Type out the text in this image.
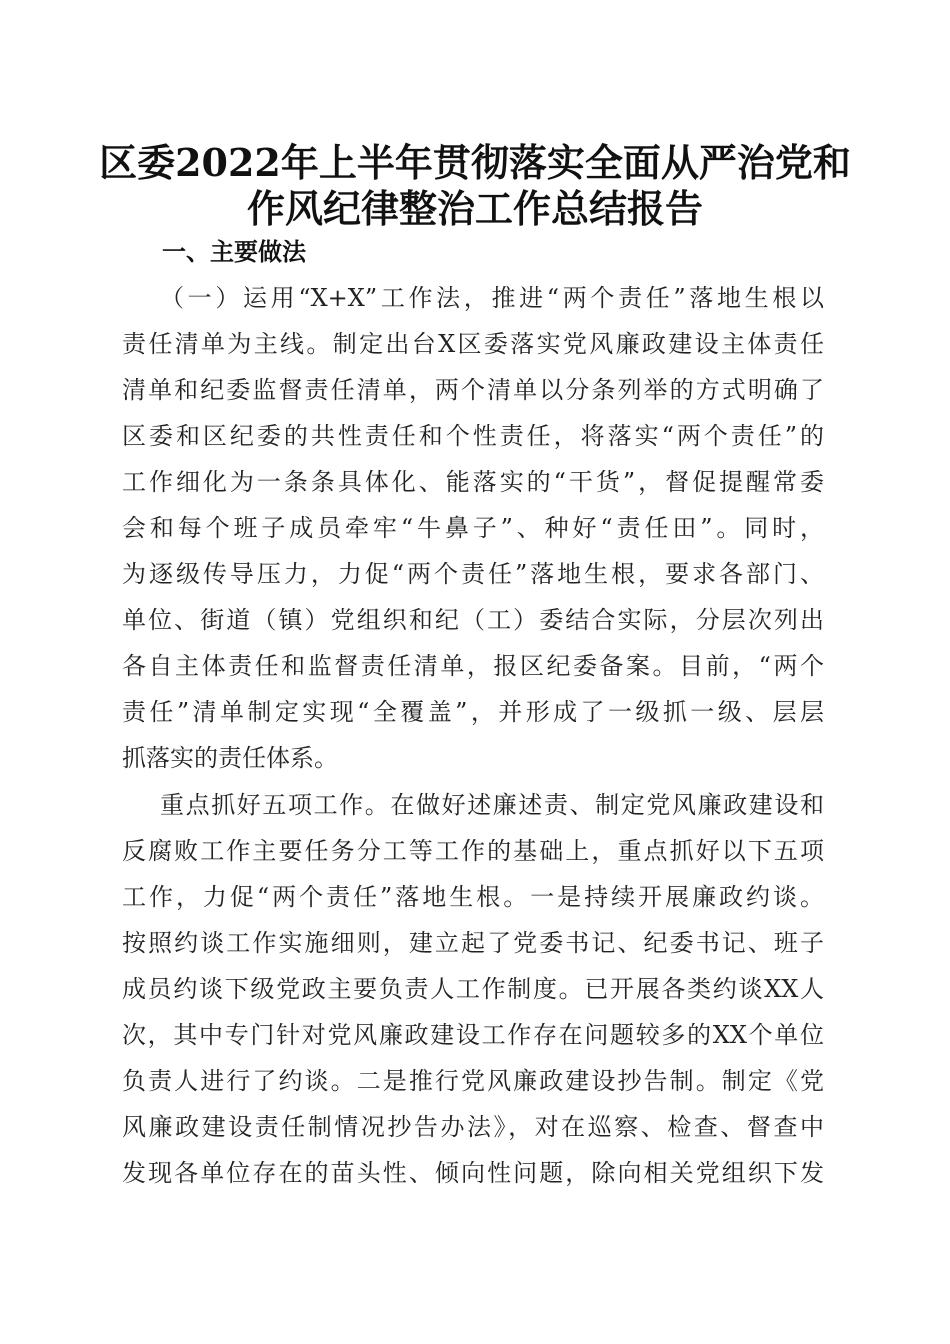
区委2022年上半年贯彻落实全面从严治党和
作风纪律整治工作总结报告
一、主要做法
（一）运用“X+X”工作法，推进“两个责任”落地生根以
责任清单为主线。制定出台X区委落实党风廉政建设主体责任
清单和纪委监督责任清单，两个清单以分条列举的方式明确了
区委和区纪委的共性责任和个性责任，将落实“两个责任”的
工作细化为一条条具体化、能落实的“干货”，督促提醒常委
会和每个班子成员牵牢“牛鼻子”、种好“责任田”。同时，
为逐级传导压力，力促“两个责任”落地生根，要求各部门、
单位、街道（镇）党组织和纪（工）委结合实际，分层次列出
各自主体责任和监督责任清单，报区纪委备案。目前，“两个
责任”清单制定实现“全覆盖”，并形成了一级抓一级、层层
抓落实的责任体系。
重点抓好五项工作。在做好述廉述责、制定党风廉政建设和
反腐败工作主要任务分工等工作的基础上，重点抓好以下五项
工作，力促“两个责任”落地生根。一是持续开展廉政约谈。
按照约谈工作实施细则，建立起了党委书记、纪委书记、班子
成员约谈下级党政主要负责人工作制度。已开展各类约谈XX人
次，其中专门针对党风廉政建设工作存在问题较多的XX个单位
负责人进行了约谈。二是推行党风廉政建设抄告制。制定《党
风廉政建设责任制情况抄告办法》，对在巡察、检查、督查中
发现各单位存在的苗头性、倾向性问题，除向相关党组织下发
